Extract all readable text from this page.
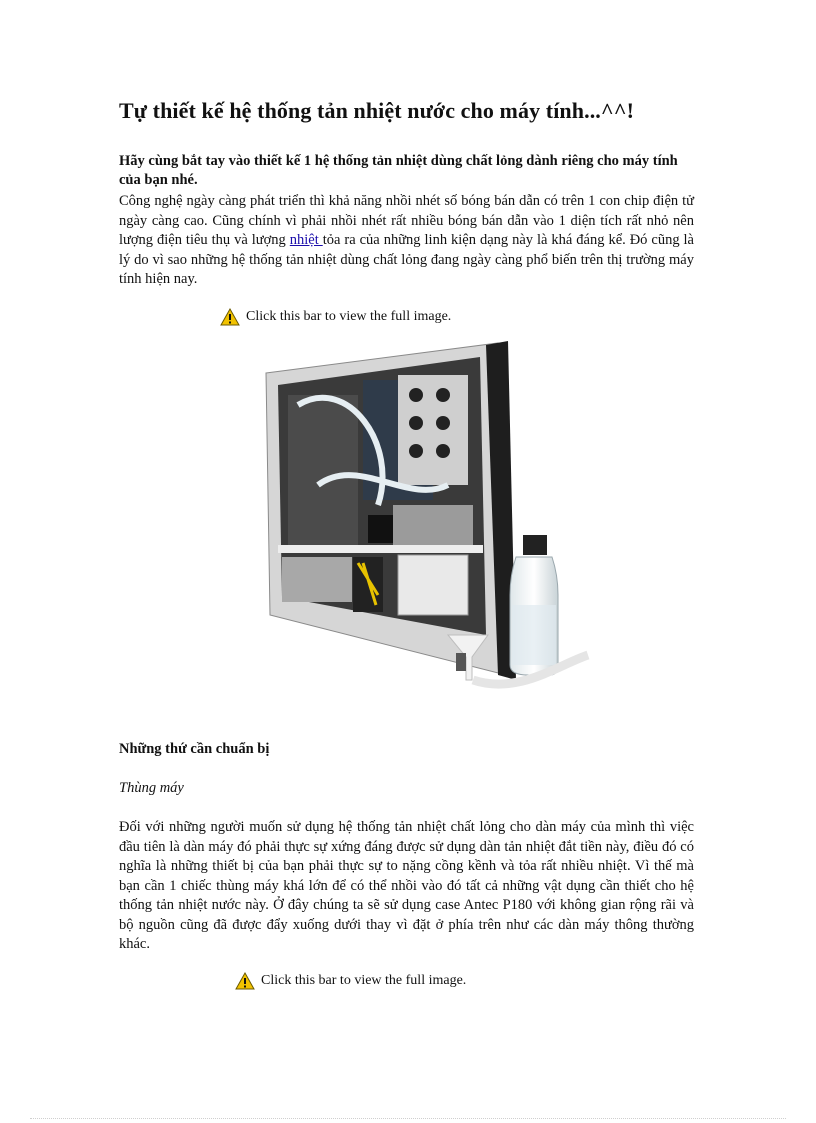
Tự thiết kế hệ thống tản nhiệt nước cho máy tính...^^!

Hãy cùng bắt tay vào thiết kế 1 hệ thống tản nhiệt dùng chất lỏng dành riêng cho máy tính của bạn nhé.

Công nghệ ngày càng phát triển thì khả năng nhồi nhét số bóng bán dẫn có trên 1 con chip điện tử ngày càng cao. Cũng chính vì phải nhồi nhét rất nhiều bóng bán dẫn vào 1 diện tích rất nhỏ nên lượng điện tiêu thụ và lượng nhiệt tỏa ra của những linh kiện dạng này là khá đáng kể. Đó cũng là lý do vì sao những hệ thống tản nhiệt dùng chất lỏng đang ngày càng phổ biến trên thị trường máy tính hiện nay.

Click this bar to view the full image.

Những thứ cần chuẩn bị

Thùng máy

Đối với những người muốn sử dụng hệ thống tản nhiệt chất lỏng cho dàn máy của mình thì việc đầu tiên là dàn máy đó phải thực sự xứng đáng được sử dụng dàn tản nhiệt đắt tiền này, điều đó có nghĩa là những thiết bị của bạn phải thực sự to nặng cồng kềnh và tỏa rất nhiều nhiệt. Vì thế mà bạn cần 1 chiếc thùng máy khá lớn để có thể nhồi vào đó tất cả những vật dụng cần thiết cho hệ thống tản nhiệt nước này. Ở đây chúng ta sẽ sử dụng case Antec P180 với không gian rộng rãi và bộ nguồn cũng đã được đẩy xuống dưới thay vì đặt ở phía trên như các dàn máy thông thường khác.

Click this bar to view the full image.
